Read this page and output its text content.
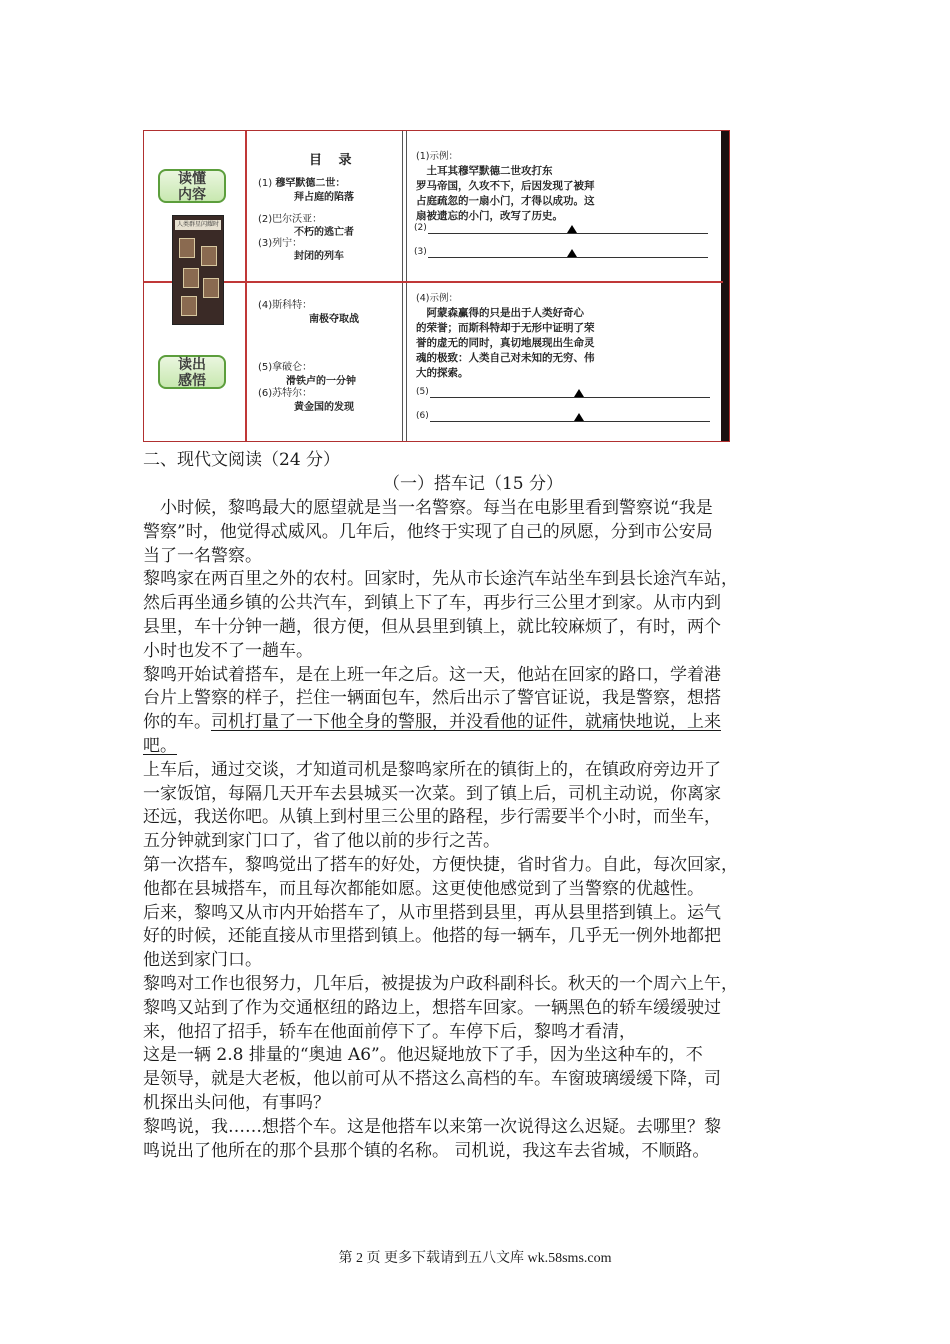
读懂
内容
人类群星闪耀时
读出
感悟
目 录
(1) 穆罕默德二世：
拜占庭的陷落
(2)巴尔沃亚：
不朽的逃亡者
(3)列宁：
封闭的列车
(4)斯科特：
南极夺取战
(5)拿破仑：
滑铁卢的一分钟
(6)苏特尔：
黄金国的发现
(1)示例：
　土耳其穆罕默德二世攻打东
罗马帝国，久攻不下，后因发现了被拜
占庭疏忽的一扇小门，才得以成功。这
扇被遗忘的小门，改写了历史。
(2)
(3)
(4)示例：
　阿蒙森赢得的只是出于人类好奇心
的荣誉；而斯科特却于无形中证明了荣
誉的虚无的同时，真切地展现出生命灵
魂的极致：人类自己对未知的无穷、伟
大的探索。
(5)
(6)
二、现代文阅读（24 分）
（一）搭车记（15 分）
　小时候，黎鸣最大的愿望就是当一名警察。每当在电影里看到警察说“我是
警察”时，他觉得忒威风。几年后，他终于实现了自己的夙愿，分到市公安局
当了一名警察。
黎鸣家在两百里之外的农村。回家时，先从市长途汽车站坐车到县长途汽车站，
然后再坐通乡镇的公共汽车，到镇上下了车，再步行三公里才到家。从市内到
县里，车十分钟一趟，很方便，但从县里到镇上，就比较麻烦了，有时，两个
小时也发不了一趟车。
黎鸣开始试着搭车，是在上班一年之后。这一天，他站在回家的路口，学着港
台片上警察的样子，拦住一辆面包车，然后出示了警官证说，我是警察，想搭
你的车。司机打量了一下他全身的警服，并没看他的证件，就痛快地说，上来
吧。
上车后，通过交谈，才知道司机是黎鸣家所在的镇街上的，在镇政府旁边开了
一家饭馆，每隔几天开车去县城买一次菜。到了镇上后，司机主动说，你离家
还远，我送你吧。从镇上到村里三公里的路程，步行需要半个小时，而坐车，
五分钟就到家门口了，省了他以前的步行之苦。
第一次搭车，黎鸣觉出了搭车的好处，方便快捷，省时省力。自此，每次回家，
他都在县城搭车，而且每次都能如愿。这更使他感觉到了当警察的优越性。
后来，黎鸣又从市内开始搭车了，从市里搭到县里，再从县里搭到镇上。运气
好的时候，还能直接从市里搭到镇上。他搭的每一辆车，几乎无一例外地都把
他送到家门口。
黎鸣对工作也很努力，几年后，被提拔为户政科副科长。秋天的一个周六上午，
黎鸣又站到了作为交通枢纽的路边上，想搭车回家。一辆黑色的轿车缓缓驶过
来，他招了招手，轿车在他面前停下了。车停下后，黎鸣才看清，
这是一辆 2.8 排量的“奥迪 A6”。他迟疑地放下了手，因为坐这种车的，不
是领导，就是大老板，他以前可从不搭这么高档的车。车窗玻璃缓缓下降，司
机探出头问他，有事吗？
黎鸣说，我……想搭个车。这是他搭车以来第一次说得这么迟疑。去哪里？黎
鸣说出了他所在的那个县那个镇的名称。 司机说，我这车去省城，不顺路。
第 2 页 更多下载请到五八文库 wk.58sms.com
